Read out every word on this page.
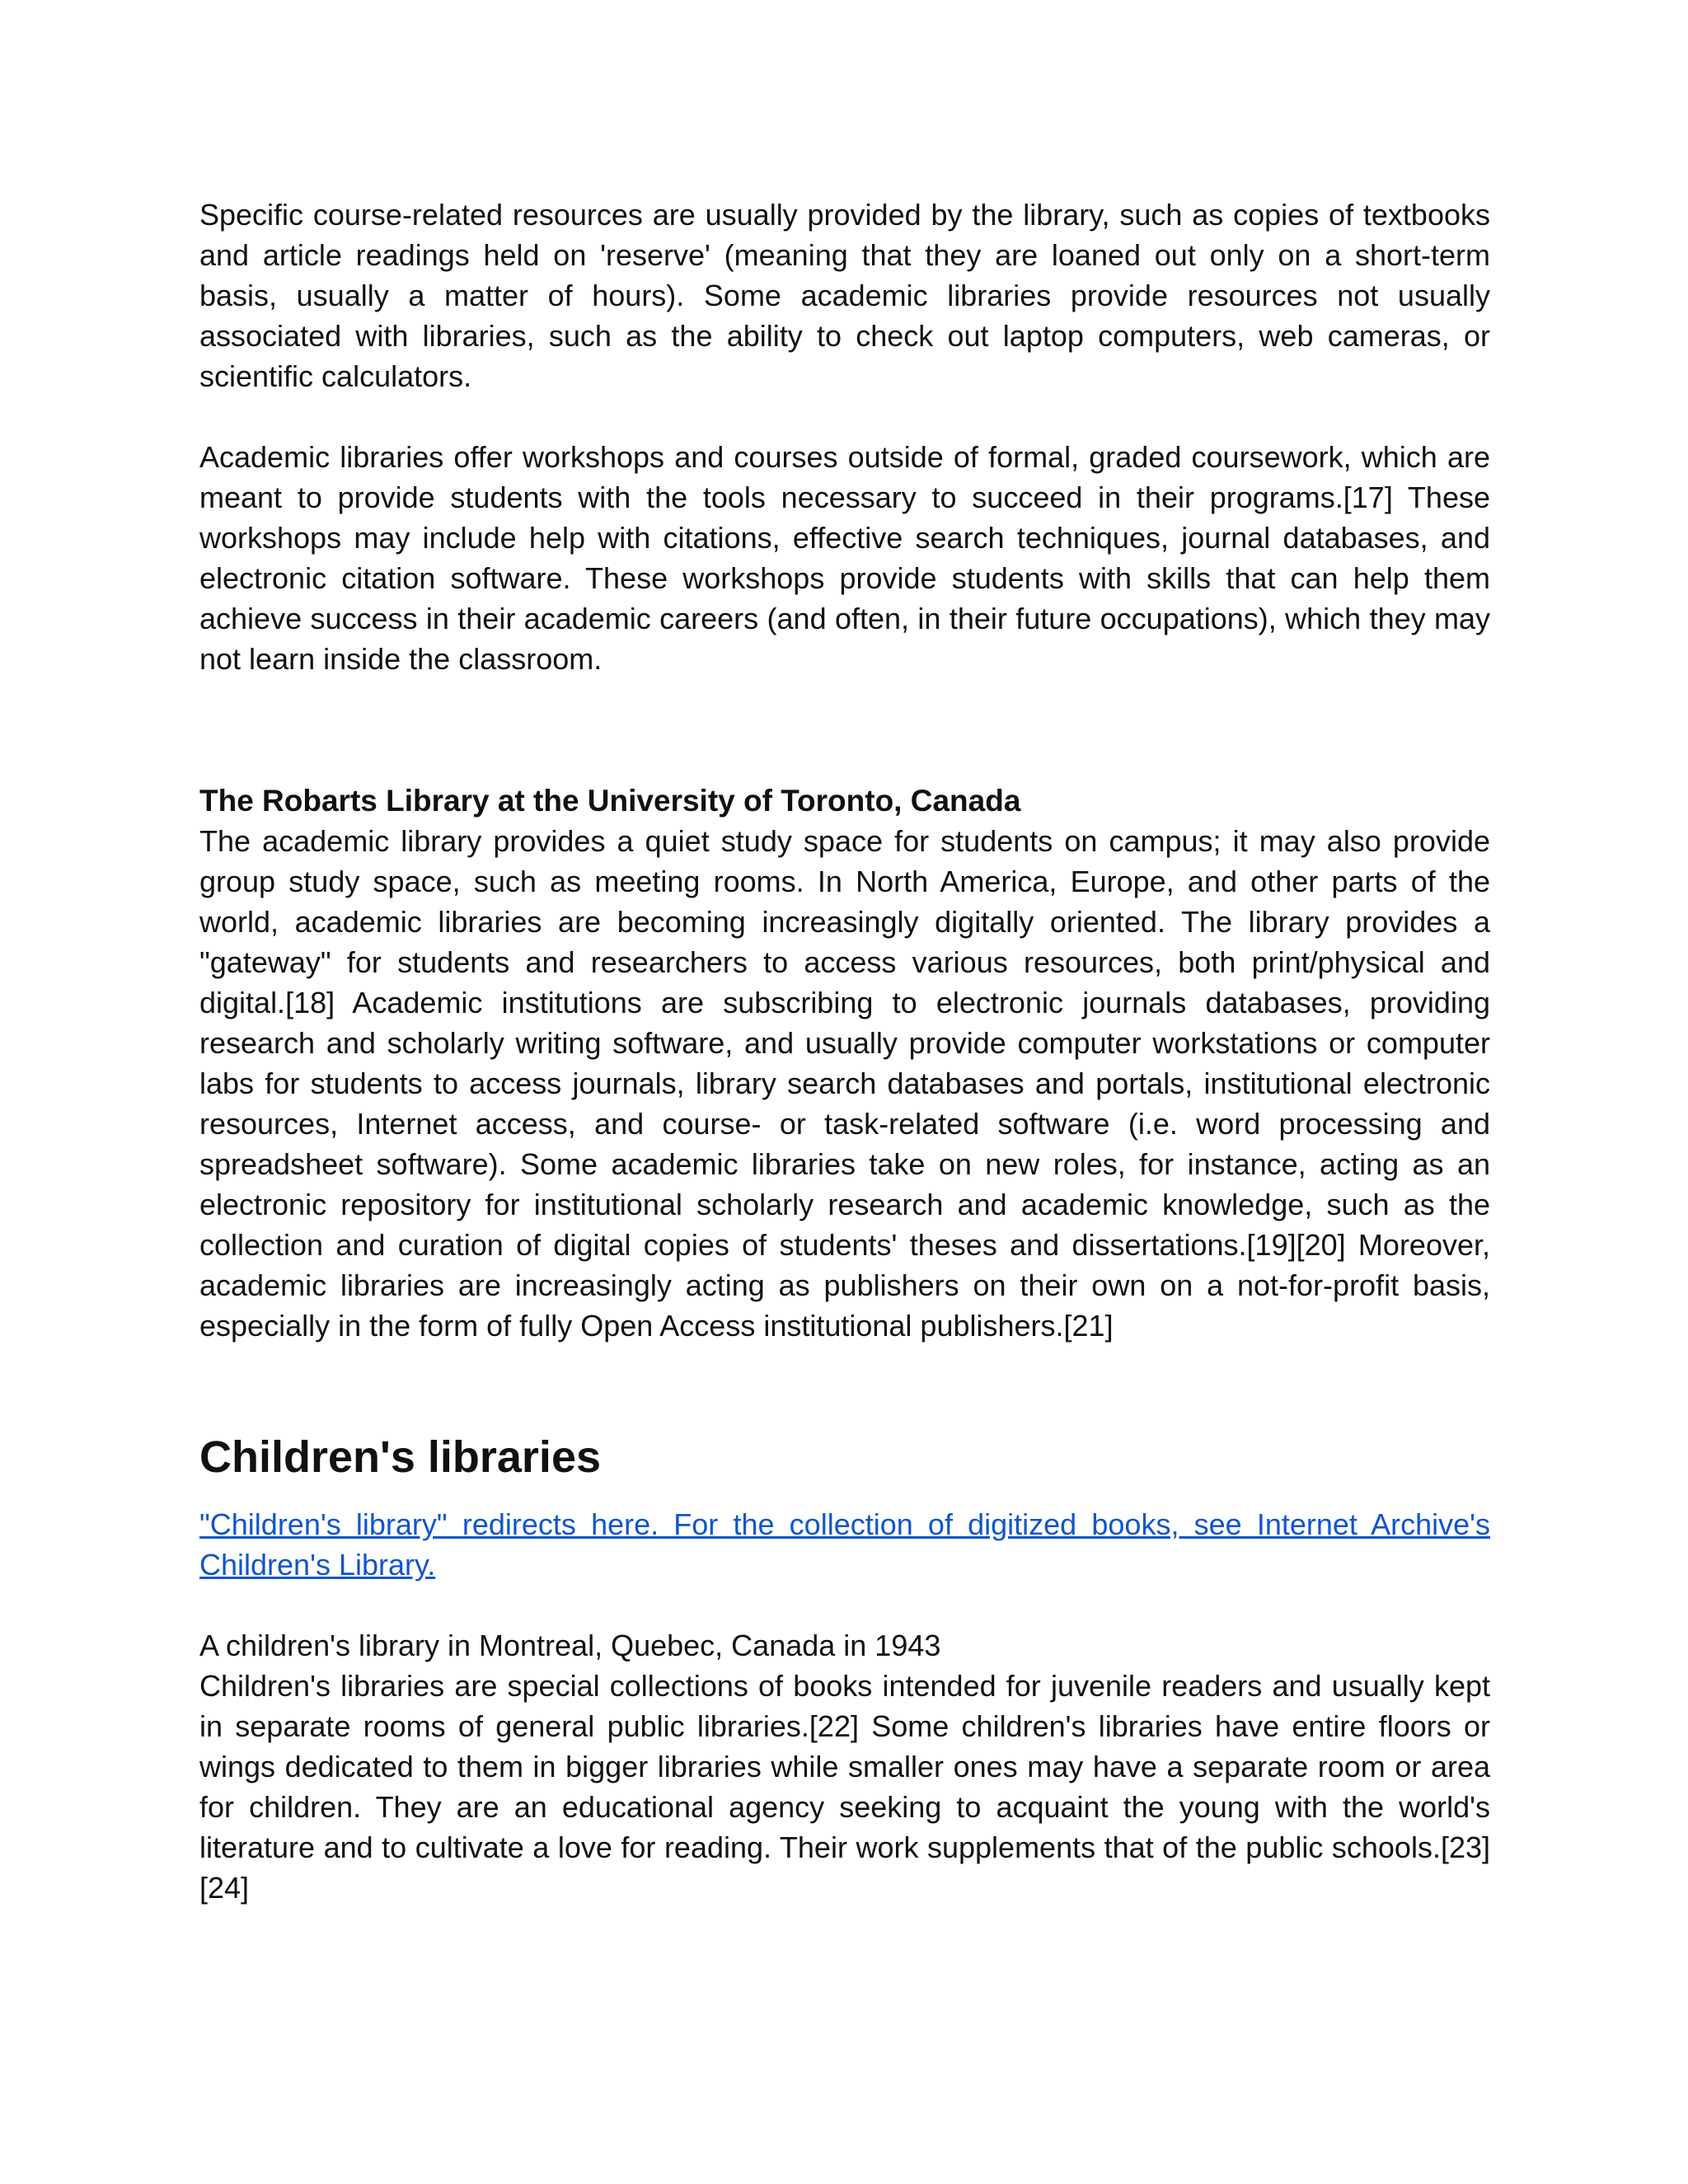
Specific course-related resources are usually provided by the library, such as copies of textbooks and article readings held on 'reserve' (meaning that they are loaned out only on a short-term basis, usually a matter of hours). Some academic libraries provide resources not usually associated with libraries, such as the ability to check out laptop computers, web cameras, or scientific calculators.

Academic libraries offer workshops and courses outside of formal, graded coursework, which are meant to provide students with the tools necessary to succeed in their programs.[17] These workshops may include help with citations, effective search techniques, journal databases, and electronic citation software. These workshops provide students with skills that can help them achieve success in their academic careers (and often, in their future occupations), which they may not learn inside the classroom.

The Robarts Library at the University of Toronto, Canada

The academic library provides a quiet study space for students on campus; it may also provide group study space, such as meeting rooms. In North America, Europe, and other parts of the world, academic libraries are becoming increasingly digitally oriented. The library provides a "gateway" for students and researchers to access various resources, both print/physical and digital.[18] Academic institutions are subscribing to electronic journals databases, providing research and scholarly writing software, and usually provide computer workstations or computer labs for students to access journals, library search databases and portals, institutional electronic resources, Internet access, and course- or task-related software (i.e. word processing and spreadsheet software). Some academic libraries take on new roles, for instance, acting as an electronic repository for institutional scholarly research and academic knowledge, such as the collection and curation of digital copies of students' theses and dissertations.[19][20] Moreover, academic libraries are increasingly acting as publishers on their own on a not-for-profit basis, especially in the form of fully Open Access institutional publishers.[21]

Children's libraries
"Children's library" redirects here. For the collection of digitized books, see Internet Archive's Children's Library.

A children's library in Montreal, Quebec, Canada in 1943

Children's libraries are special collections of books intended for juvenile readers and usually kept in separate rooms of general public libraries.[22] Some children's libraries have entire floors or wings dedicated to them in bigger libraries while smaller ones may have a separate room or area for children. They are an educational agency seeking to acquaint the young with the world's literature and to cultivate a love for reading. Their work supplements that of the public schools.[23][24]
